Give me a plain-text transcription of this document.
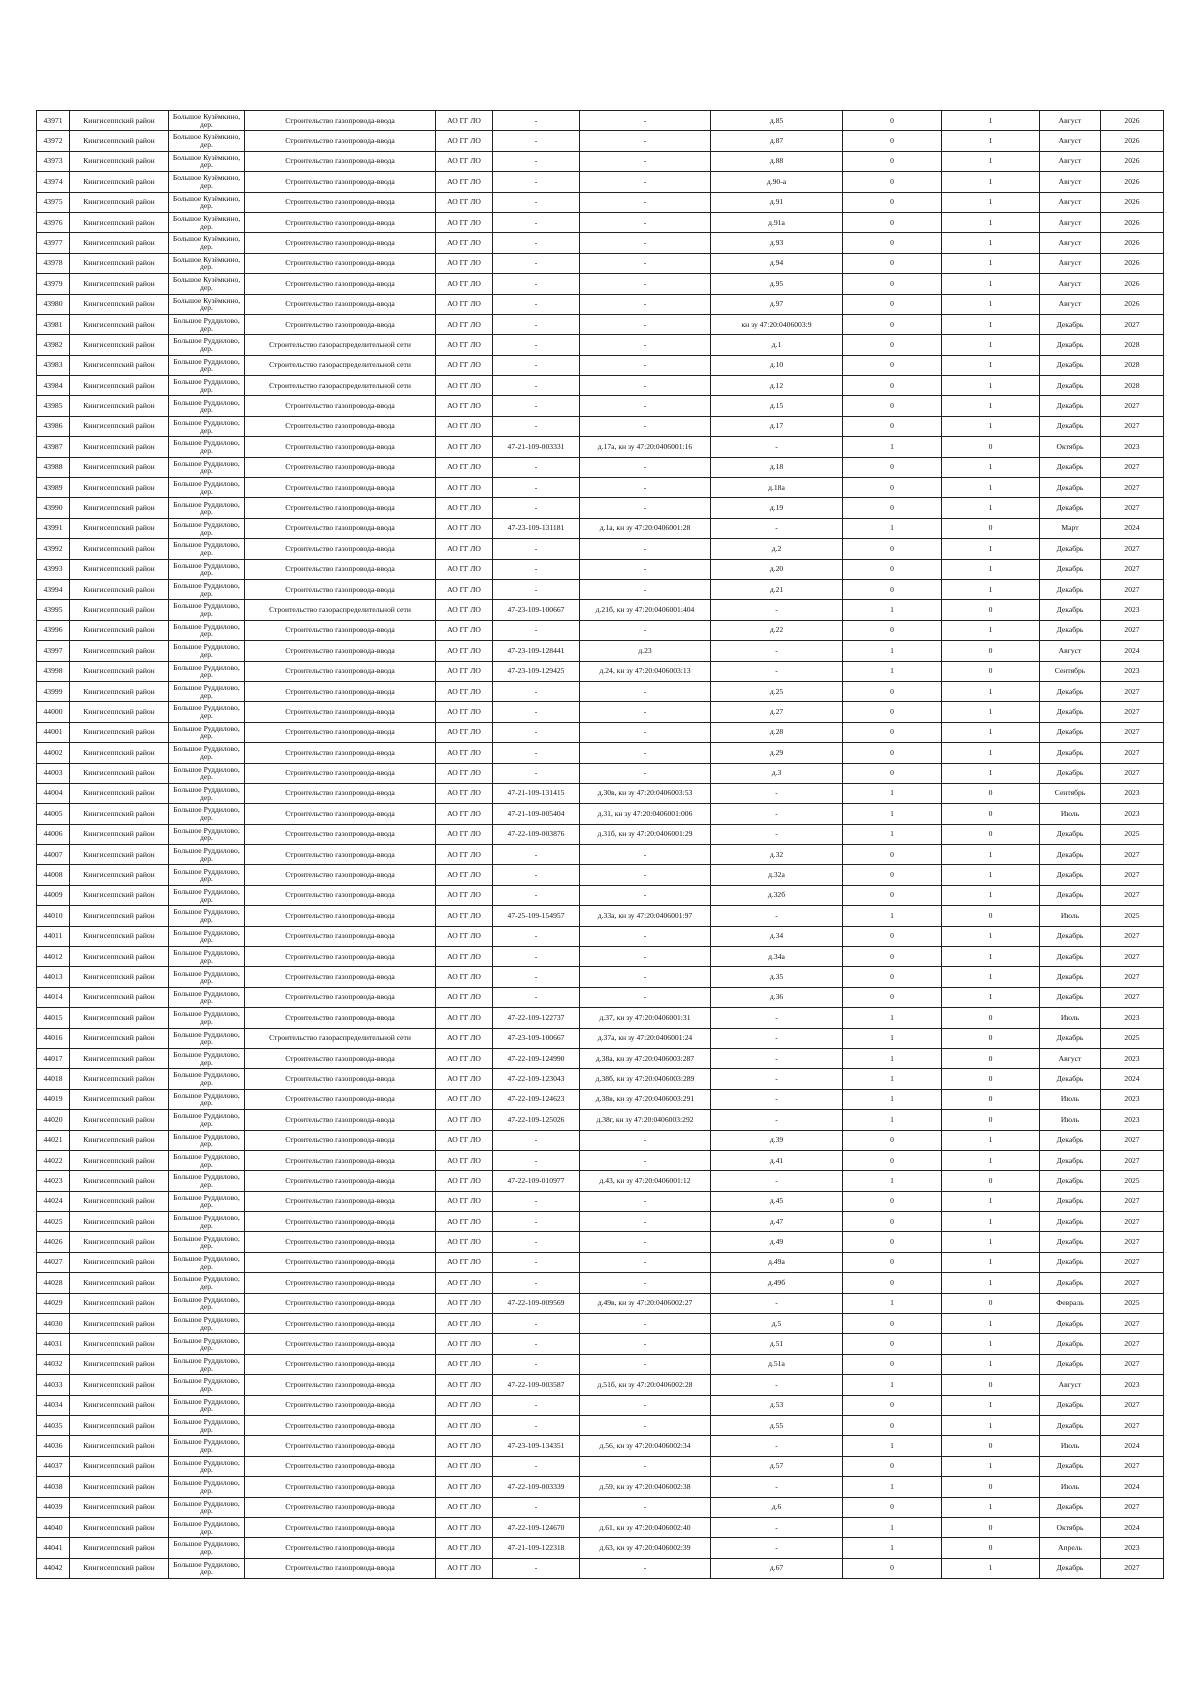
43971	Кингисеппский район	Большое Кузёмкино, дер.	Строительство газопровода-ввода	АО ГГ ЛО	-	-	д.85	0	1	Август	2026
43972	Кингисеппский район	Большое Кузёмкино, дер.	Строительство газопровода-ввода	АО ГГ ЛО	-	-	д.87	0	1	Август	2026
43973	Кингисеппский район	Большое Кузёмкино, дер.	Строительство газопровода-ввода	АО ГГ ЛО	-	-	д.88	0	1	Август	2026
43974	Кингисеппский район	Большое Кузёмкино, дер.	Строительство газопровода-ввода	АО ГГ ЛО	-	-	д.90-а	0	1	Август	2026
43975	Кингисеппский район	Большое Кузёмкино, дер.	Строительство газопровода-ввода	АО ГГ ЛО	-	-	д.91	0	1	Август	2026
43976	Кингисеппский район	Большое Кузёмкино, дер.	Строительство газопровода-ввода	АО ГГ ЛО	-	-	д.91а	0	1	Август	2026
43977	Кингисеппский район	Большое Кузёмкино, дер.	Строительство газопровода-ввода	АО ГГ ЛО	-	-	д.93	0	1	Август	2026
43978	Кингисеппский район	Большое Кузёмкино, дер.	Строительство газопровода-ввода	АО ГГ ЛО	-	-	д.94	0	1	Август	2026
43979	Кингисеппский район	Большое Кузёмкино, дер.	Строительство газопровода-ввода	АО ГГ ЛО	-	-	д.95	0	1	Август	2026
43980	Кингисеппский район	Большое Кузёмкино, дер.	Строительство газопровода-ввода	АО ГГ ЛО	-	-	д.97	0	1	Август	2026
43981	Кингисеппский район	Большое Руддилово, дер.	Строительство газопровода-ввода	АО ГГ ЛО	-	-	кн зу 47:20:0406003:9	0	1	Декабрь	2027
43982	Кингисеппский район	Большое Руддилово, дер.	Строительство газораспределительной сети	АО ГГ ЛО	-	-	д.1	0	1	Декабрь	2028
43983	Кингисеппский район	Большое Руддилово, дер.	Строительство газораспределительной сети	АО ГГ ЛО	-	-	д.10	0	1	Декабрь	2028
43984	Кингисеппский район	Большое Руддилово, дер.	Строительство газораспределительной сети	АО ГГ ЛО	-	-	д.12	0	1	Декабрь	2028
43985	Кингисеппский район	Большое Руддилово, дер.	Строительство газопровода-ввода	АО ГГ ЛО	-	-	д.15	0	1	Декабрь	2027
43986	Кингисеппский район	Большое Руддилово, дер.	Строительство газопровода-ввода	АО ГГ ЛО	-	-	д.17	0	1	Декабрь	2027
43987	Кингисеппский район	Большое Руддилово, дер.	Строительство газопровода-ввода	АО ГГ ЛО	47-21-109-003331	д.17а, кн зу 47:20:0406001:16	-	1	0	Октябрь	2023
43988	Кингисеппский район	Большое Руддилово, дер.	Строительство газопровода-ввода	АО ГГ ЛО	-	-	д.18	0	1	Декабрь	2027
43989	Кингисеппский район	Большое Руддилово, дер.	Строительство газопровода-ввода	АО ГГ ЛО	-	-	д.18а	0	1	Декабрь	2027
43990	Кингисеппский район	Большое Руддилово, дер.	Строительство газопровода-ввода	АО ГГ ЛО	-	-	д.19	0	1	Декабрь	2027
43991	Кингисеппский район	Большое Руддилово, дер.	Строительство газопровода-ввода	АО ГГ ЛО	47-23-109-131181	д.1а, кн зу 47:20:0406001:28	-	1	0	Март	2024
43992	Кингисеппский район	Большое Руддилово, дер.	Строительство газопровода-ввода	АО ГГ ЛО	-	-	д.2	0	1	Декабрь	2027
43993	Кингисеппский район	Большое Руддилово, дер.	Строительство газопровода-ввода	АО ГГ ЛО	-	-	д.20	0	1	Декабрь	2027
43994	Кингисеппский район	Большое Руддилово, дер.	Строительство газопровода-ввода	АО ГГ ЛО	-	-	д.21	0	1	Декабрь	2027
43995	Кингисеппский район	Большое Руддилово, дер.	Строительство газораспределительной сети	АО ГГ ЛО	47-23-109-100667	д.21б, кн зу 47:20:0406001:404	-	1	0	Декабрь	2023
43996	Кингисеппский район	Большое Руддилово, дер.	Строительство газопровода-ввода	АО ГГ ЛО	-	-	д.22	0	1	Декабрь	2027
43997	Кингисеппский район	Большое Руддилово, дер.	Строительство газопровода-ввода	АО ГГ ЛО	47-23-109-128441	д.23	-	1	0	Август	2024
43998	Кингисеппский район	Большое Руддилово, дер.	Строительство газопровода-ввода	АО ГГ ЛО	47-23-109-129425	д.24, кн зу 47:20:0406003:13	-	1	0	Сентябрь	2023
43999	Кингисеппский район	Большое Руддилово, дер.	Строительство газопровода-ввода	АО ГГ ЛО	-	-	д.25	0	1	Декабрь	2027
44000	Кингисеппский район	Большое Руддилово, дер.	Строительство газопровода-ввода	АО ГГ ЛО	-	-	д.27	0	1	Декабрь	2027
44001	Кингисеппский район	Большое Руддилово, дер.	Строительство газопровода-ввода	АО ГГ ЛО	-	-	д.28	0	1	Декабрь	2027
44002	Кингисеппский район	Большое Руддилово, дер.	Строительство газопровода-ввода	АО ГГ ЛО	-	-	д.29	0	1	Декабрь	2027
44003	Кингисеппский район	Большое Руддилово, дер.	Строительство газопровода-ввода	АО ГГ ЛО	-	-	д.3	0	1	Декабрь	2027
44004	Кингисеппский район	Большое Руддилово, дер.	Строительство газопровода-ввода	АО ГГ ЛО	47-21-109-131415	д.30в, кн зу 47:20:0406003:53	-	1	0	Сентябрь	2023
44005	Кингисеппский район	Большое Руддилово, дер.	Строительство газопровода-ввода	АО ГГ ЛО	47-21-109-005404	д.31, кн зу 47:20:0406001:006	-	1	0	Июль	2023
44006	Кингисеппский район	Большое Руддилово, дер.	Строительство газопровода-ввода	АО ГГ ЛО	47-22-109-003876	д.31б, кн зу 47:20:0406001:29	-	1	0	Декабрь	2025
44007	Кингисеппский район	Большое Руддилово, дер.	Строительство газопровода-ввода	АО ГГ ЛО	-	-	д.32	0	1	Декабрь	2027
44008	Кингисеппский район	Большое Руддилово, дер.	Строительство газопровода-ввода	АО ГГ ЛО	-	-	д.32а	0	1	Декабрь	2027
44009	Кингисеппский район	Большое Руддилово, дер.	Строительство газопровода-ввода	АО ГГ ЛО	-	-	д.32б	0	1	Декабрь	2027
44010	Кингисеппский район	Большое Руддилово, дер.	Строительство газопровода-ввода	АО ГГ ЛО	47-25-109-154957	д.33а, кн зу 47:20:0406001:97	-	1	0	Июль	2025
44011	Кингисеппский район	Большое Руддилово, дер.	Строительство газопровода-ввода	АО ГГ ЛО	-	-	д.34	0	1	Декабрь	2027
44012	Кингисеппский район	Большое Руддилово, дер.	Строительство газопровода-ввода	АО ГГ ЛО	-	-	д.34а	0	1	Декабрь	2027
44013	Кингисеппский район	Большое Руддилово, дер.	Строительство газопровода-ввода	АО ГГ ЛО	-	-	д.35	0	1	Декабрь	2027
44014	Кингисеппский район	Большое Руддилово, дер.	Строительство газопровода-ввода	АО ГГ ЛО	-	-	д.36	0	1	Декабрь	2027
44015	Кингисеппский район	Большое Руддилово, дер.	Строительство газопровода-ввода	АО ГГ ЛО	47-22-109-122737	д.37, кн зу 47:20:0406001:31	-	1	0	Июль	2023
44016	Кингисеппский район	Большое Руддилово, дер.	Строительство газораспределительной сети	АО ГГ ЛО	47-23-109-100667	д.37а, кн зу 47:20:0406001:24	-	1	0	Декабрь	2025
44017	Кингисеппский район	Большое Руддилово, дер.	Строительство газопровода-ввода	АО ГГ ЛО	47-22-109-124990	д.38а, кн зу 47:20:0406003:287	-	1	0	Август	2023
44018	Кингисеппский район	Большое Руддилово, дер.	Строительство газопровода-ввода	АО ГГ ЛО	47-22-109-123043	д.38б, кн зу 47:20:0406003:289	-	1	0	Декабрь	2024
44019	Кингисеппский район	Большое Руддилово, дер.	Строительство газопровода-ввода	АО ГГ ЛО	47-22-109-124623	д.38в, кн зу 47:20:0406003:291	-	1	0	Июль	2023
44020	Кингисеппский район	Большое Руддилово, дер.	Строительство газопровода-ввода	АО ГГ ЛО	47-22-109-125026	д.38г, кн зу 47:20:0406003:292	-	1	0	Июль	2023
44021	Кингисеппский район	Большое Руддилово, дер.	Строительство газопровода-ввода	АО ГГ ЛО	-	-	д.39	0	1	Декабрь	2027
44022	Кингисеппский район	Большое Руддилово, дер.	Строительство газопровода-ввода	АО ГГ ЛО	-	-	д.41	0	1	Декабрь	2027
44023	Кингисеппский район	Большое Руддилово, дер.	Строительство газопровода-ввода	АО ГГ ЛО	47-22-109-010977	д.43, кн зу 47:20:0406001:12	-	1	0	Декабрь	2025
44024	Кингисеппский район	Большое Руддилово, дер.	Строительство газопровода-ввода	АО ГГ ЛО	-	-	д.45	0	1	Декабрь	2027
44025	Кингисеппский район	Большое Руддилово, дер.	Строительство газопровода-ввода	АО ГГ ЛО	-	-	д.47	0	1	Декабрь	2027
44026	Кингисеппский район	Большое Руддилово, дер.	Строительство газопровода-ввода	АО ГГ ЛО	-	-	д.49	0	1	Декабрь	2027
44027	Кингисеппский район	Большое Руддилово, дер.	Строительство газопровода-ввода	АО ГГ ЛО	-	-	д.49а	0	1	Декабрь	2027
44028	Кингисеппский район	Большое Руддилово, дер.	Строительство газопровода-ввода	АО ГГ ЛО	-	-	д.49б	0	1	Декабрь	2027
44029	Кингисеппский район	Большое Руддилово, дер.	Строительство газопровода-ввода	АО ГГ ЛО	47-22-109-009569	д.49в, кн зу 47:20:0406002:27	-	1	0	Февраль	2025
44030	Кингисеппский район	Большое Руддилово, дер.	Строительство газопровода-ввода	АО ГГ ЛО	-	-	д.5	0	1	Декабрь	2027
44031	Кингисеппский район	Большое Руддилово, дер.	Строительство газопровода-ввода	АО ГГ ЛО	-	-	д.51	0	1	Декабрь	2027
44032	Кингисеппский район	Большое Руддилово, дер.	Строительство газопровода-ввода	АО ГГ ЛО	-	-	д.51а	0	1	Декабрь	2027
44033	Кингисеппский район	Большое Руддилово, дер.	Строительство газопровода-ввода	АО ГГ ЛО	47-22-109-003587	д.51б, кн зу 47:20:0406002:28	-	1	0	Август	2023
44034	Кингисеппский район	Большое Руддилово, дер.	Строительство газопровода-ввода	АО ГГ ЛО	-	-	д.53	0	1	Декабрь	2027
44035	Кингисеппский район	Большое Руддилово, дер.	Строительство газопровода-ввода	АО ГГ ЛО	-	-	д.55	0	1	Декабрь	2027
44036	Кингисеппский район	Большое Руддилово, дер.	Строительство газопровода-ввода	АО ГГ ЛО	47-23-109-134351	д.56, кн зу 47:20:0406002:34	-	1	0	Июль	2024
44037	Кингисеппский район	Большое Руддилово, дер.	Строительство газопровода-ввода	АО ГГ ЛО	-	-	д.57	0	1	Декабрь	2027
44038	Кингисеппский район	Большое Руддилово, дер.	Строительство газопровода-ввода	АО ГГ ЛО	47-22-109-003339	д.59, кн зу 47:20:0406002:38	-	1	0	Июль	2024
44039	Кингисеппский район	Большое Руддилово, дер.	Строительство газопровода-ввода	АО ГГ ЛО	-	-	д.6	0	1	Декабрь	2027
44040	Кингисеппский район	Большое Руддилово, дер.	Строительство газопровода-ввода	АО ГГ ЛО	47-22-109-124670	д.61, кн зу 47:20:0406002:40	-	1	0	Октябрь	2024
44041	Кингисеппский район	Большое Руддилово, дер.	Строительство газопровода-ввода	АО ГГ ЛО	47-21-109-122318	д.63, кн зу 47:20:0406002:39	-	1	0	Апрель	2023
44042	Кингисеппский район	Большое Руддилово, дер.	Строительство газопровода-ввода	АО ГГ ЛО	-	-	д.67	0	1	Декабрь	2027
